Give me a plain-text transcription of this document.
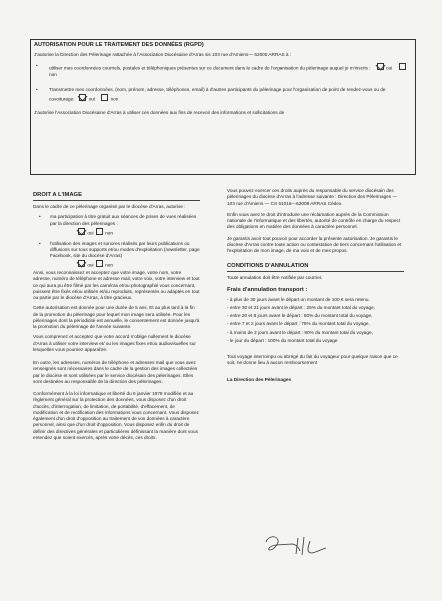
AUTORISATION POUR LE TRAITEMENT DES DONNÉES (RGPD)

J'autorise la Direction des Pèlerinage rattachée à l'Association Diocésaine d'Arras sis 103 rue d'Amiens— 62000 ARRAS à :

• utiliser mes coordonnées courriels, postales et téléphoniques présentes sur ce document dans le cadre de l'organisation du pèlerinage auquel je m'inscris :	oui     non
• Transmettre mes coordonnées, (nom, prénom, adresse, téléphones, email) à d'autres participants du pèlerinage pour l'organisation de point de rendez-vous ou de covoiturage:	oui	non

J'autorise l'Association Diocésaine d'Arras à utiliser ces données aux fins de recevoir des informations et sollicitations de

DROIT A L'IMAGE

Dans le cadre de ce pèlerinage organisé par le diocèse d'Arras, autorise :

• ma participation à titre gratuit aux séances de prises de vues réalisées par la direction des pèlerinages :
oui non
• l'utilisation des images et sonores réalisés par leurs publications ou diffusions sur tous supports et/ou modes d'exploitation (newsletter, page Facebook, site du diocèse d'Arras)
oui non

Ainsi, vous reconnaissez et acceptez que votre image, votre nom, votre adresse, numéro de téléphone et adresse mail, votre voix, votre interview et tout ce qui aura pu être filmé par les caméras et/ou photographié vous concernant, puissent être fixés et/ou utilisés et/ou reproduits, représentés ou adaptés en tout ou partie par le diocèse d'Arras, à titre gracieux.

Cette autorisation est donnée pour une durée de 5 ans. Et au plus tard à la fin de la promotion du pèlerinage pour lequel mon image sera utilisée. Pour les pèlerinages dont la périodicité est annuelle, le consentement est donnée jusqu'à la promotion du pèlerinage de l'année suivante.

Vous comprenez et acceptez que votre accord n'oblige nullement le diocèse d'Arras à utiliser votre interview et/ ou les images fixes et/ou audiovisuelles sur lesquelles vous pourriez apparaître.

En outre, les adresses, numéros de téléphone et adresses mail que vous avez renseignés sont nécessaires dans le cadre de la gestion des images collectées par le diocèse et sont utilisées par le service diocésain des pèlerinages. Elles sont destinées au responsable de la direction des pèlerinages.

Conformément à la loi informatique et liberté du 6 janvier 1978 modifiée et au règlement général sur la protection des données, vous disposez d'un droit d'accès, d'interrogation, de limitation, de portabilité, d'effacement, de modification et de rectification des informations vous concernant. Vous disposez également d'un droit d'opposition au traitement de vos données à caractère personnel, ainsi que d'un droit d'opposition. Vous disposez enfin du droit de définir des directives générales et particulières définissant la manière dont vous entendez que soient exercés, après votre décès, ces droits.

Vous pouvez exercer ces droits auprès du responsable du service diocésain des pèlerinages du diocèse d'Arras à l'adresse suivante : Direction des Pèlerinages — 103 rue d'Amiens — CS 61016—62008 ARRAS Cédex.

Enfin vous avez le droit d'introduire une réclamation auprès de la Commission nationale de l'informatique et des libertés, autorité de contrôle en charge du respect des obligations en matière des données à caractère personnel.

Je garantis avoir tout pouvoir pour accorder la présente autorisation. Je garantis le diocèse d'Arras contre toute action ou contestation de tiers concernant l'utilisation et l'exploitation de mon image, de ma voix et de mes propos.

CONDITIONS D'ANNULATION

Toute annulation doit être notifiée par courrier.

Frais d'annulation transport :

- à plus de 30 jours avant le départ un montant de 100 € sera retenu.

- entre 30 et 21 jours avant le départ : 25% du montant total du voyage,

- entre 20 et 8 jours avant le départ : 50% du montant total du voyage,

- entre 7 et 2 jours avant le départ : 75% du montant total du voyage,

- à moins de 2 jours avant le départ : 90% du montant total du voyage,

- le jour du départ : 100% du montant total du voyage

Tout voyage interrompu ou abrégé du fait du voyageur pour quelque raison que ce soit, ne donne lieu à aucun remboursement

La Direction des Pèlerinages
